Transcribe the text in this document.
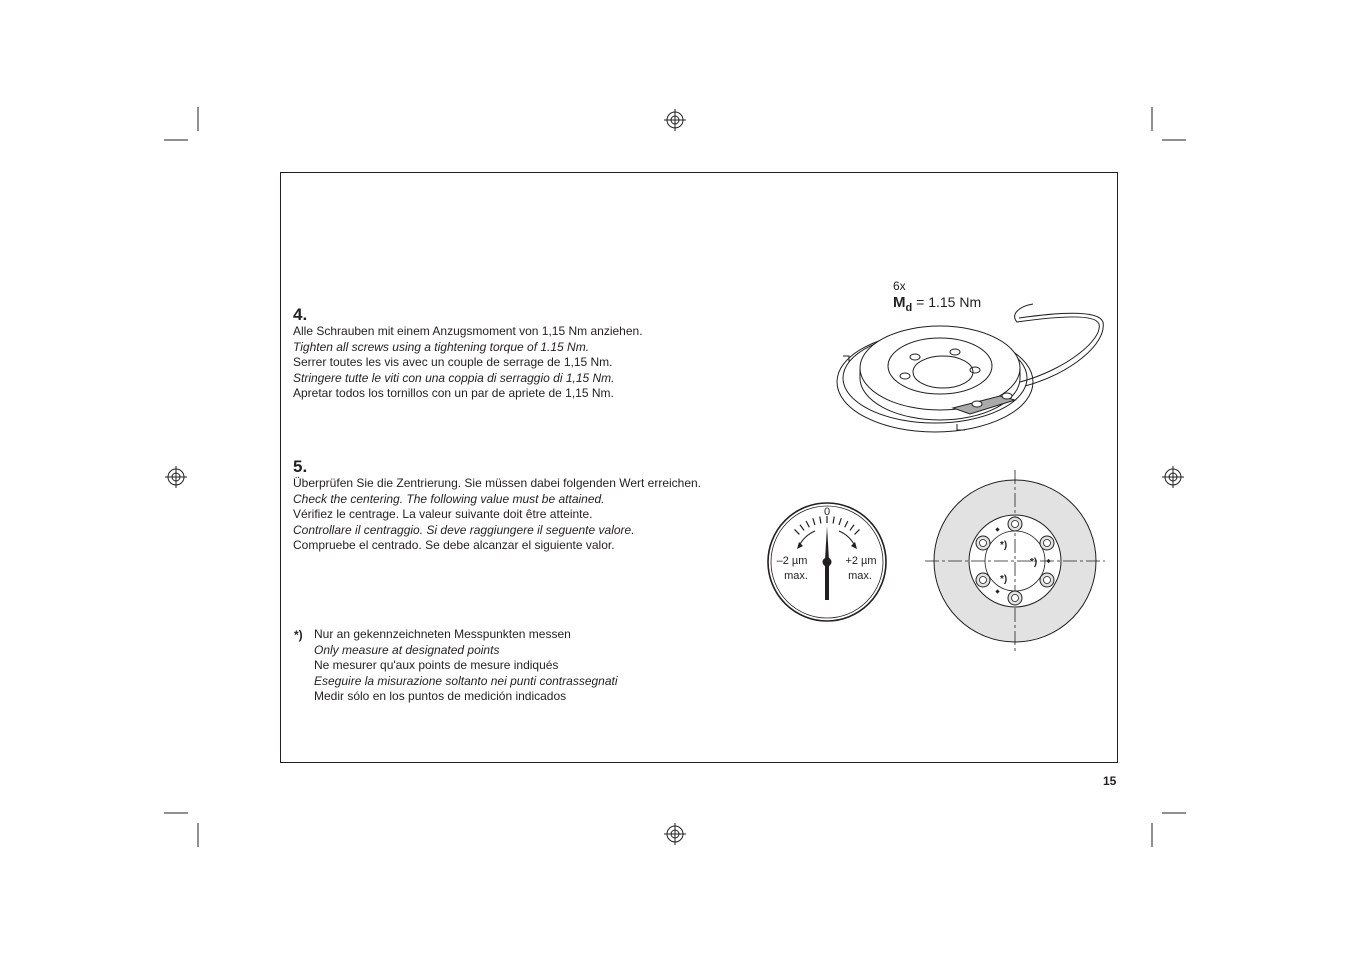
4.
Alle Schrauben mit einem Anzugsmoment von 1,15 Nm anziehen.
Tighten all screws using a tightening torque of 1.15 Nm.
Serrer toutes les vis avec un couple de serrage de 1,15 Nm.
Stringere tutte le viti con una coppia di serraggio di 1,15 Nm.
Apretar todos los tornillos con un par de apriete de 1,15 Nm.
5.
Überprüfen Sie die Zentrierung. Sie müssen dabei folgenden Wert erreichen.
Check the centering. The following value must be attained.
Vérifiez le centrage. La valeur suivante doit être atteinte.
Controllare il centraggio. Si deve raggiungere il seguente valore.
Compruebe el centrado. Se debe alcanzar el siguiente valor.
*) Nur an gekennzeichneten Messpunkten messen
Only measure at designated points
Ne mesurer qu'aux points de mesure indiqués
Eseguire la misurazione soltanto nei punti contrassegnati
Medir sólo en los puntos de medición indicados
6x
$M_d = 1.15$ Nm
0
–2 µm
max.
+2 µm
max.
*)
*)
*)
15
